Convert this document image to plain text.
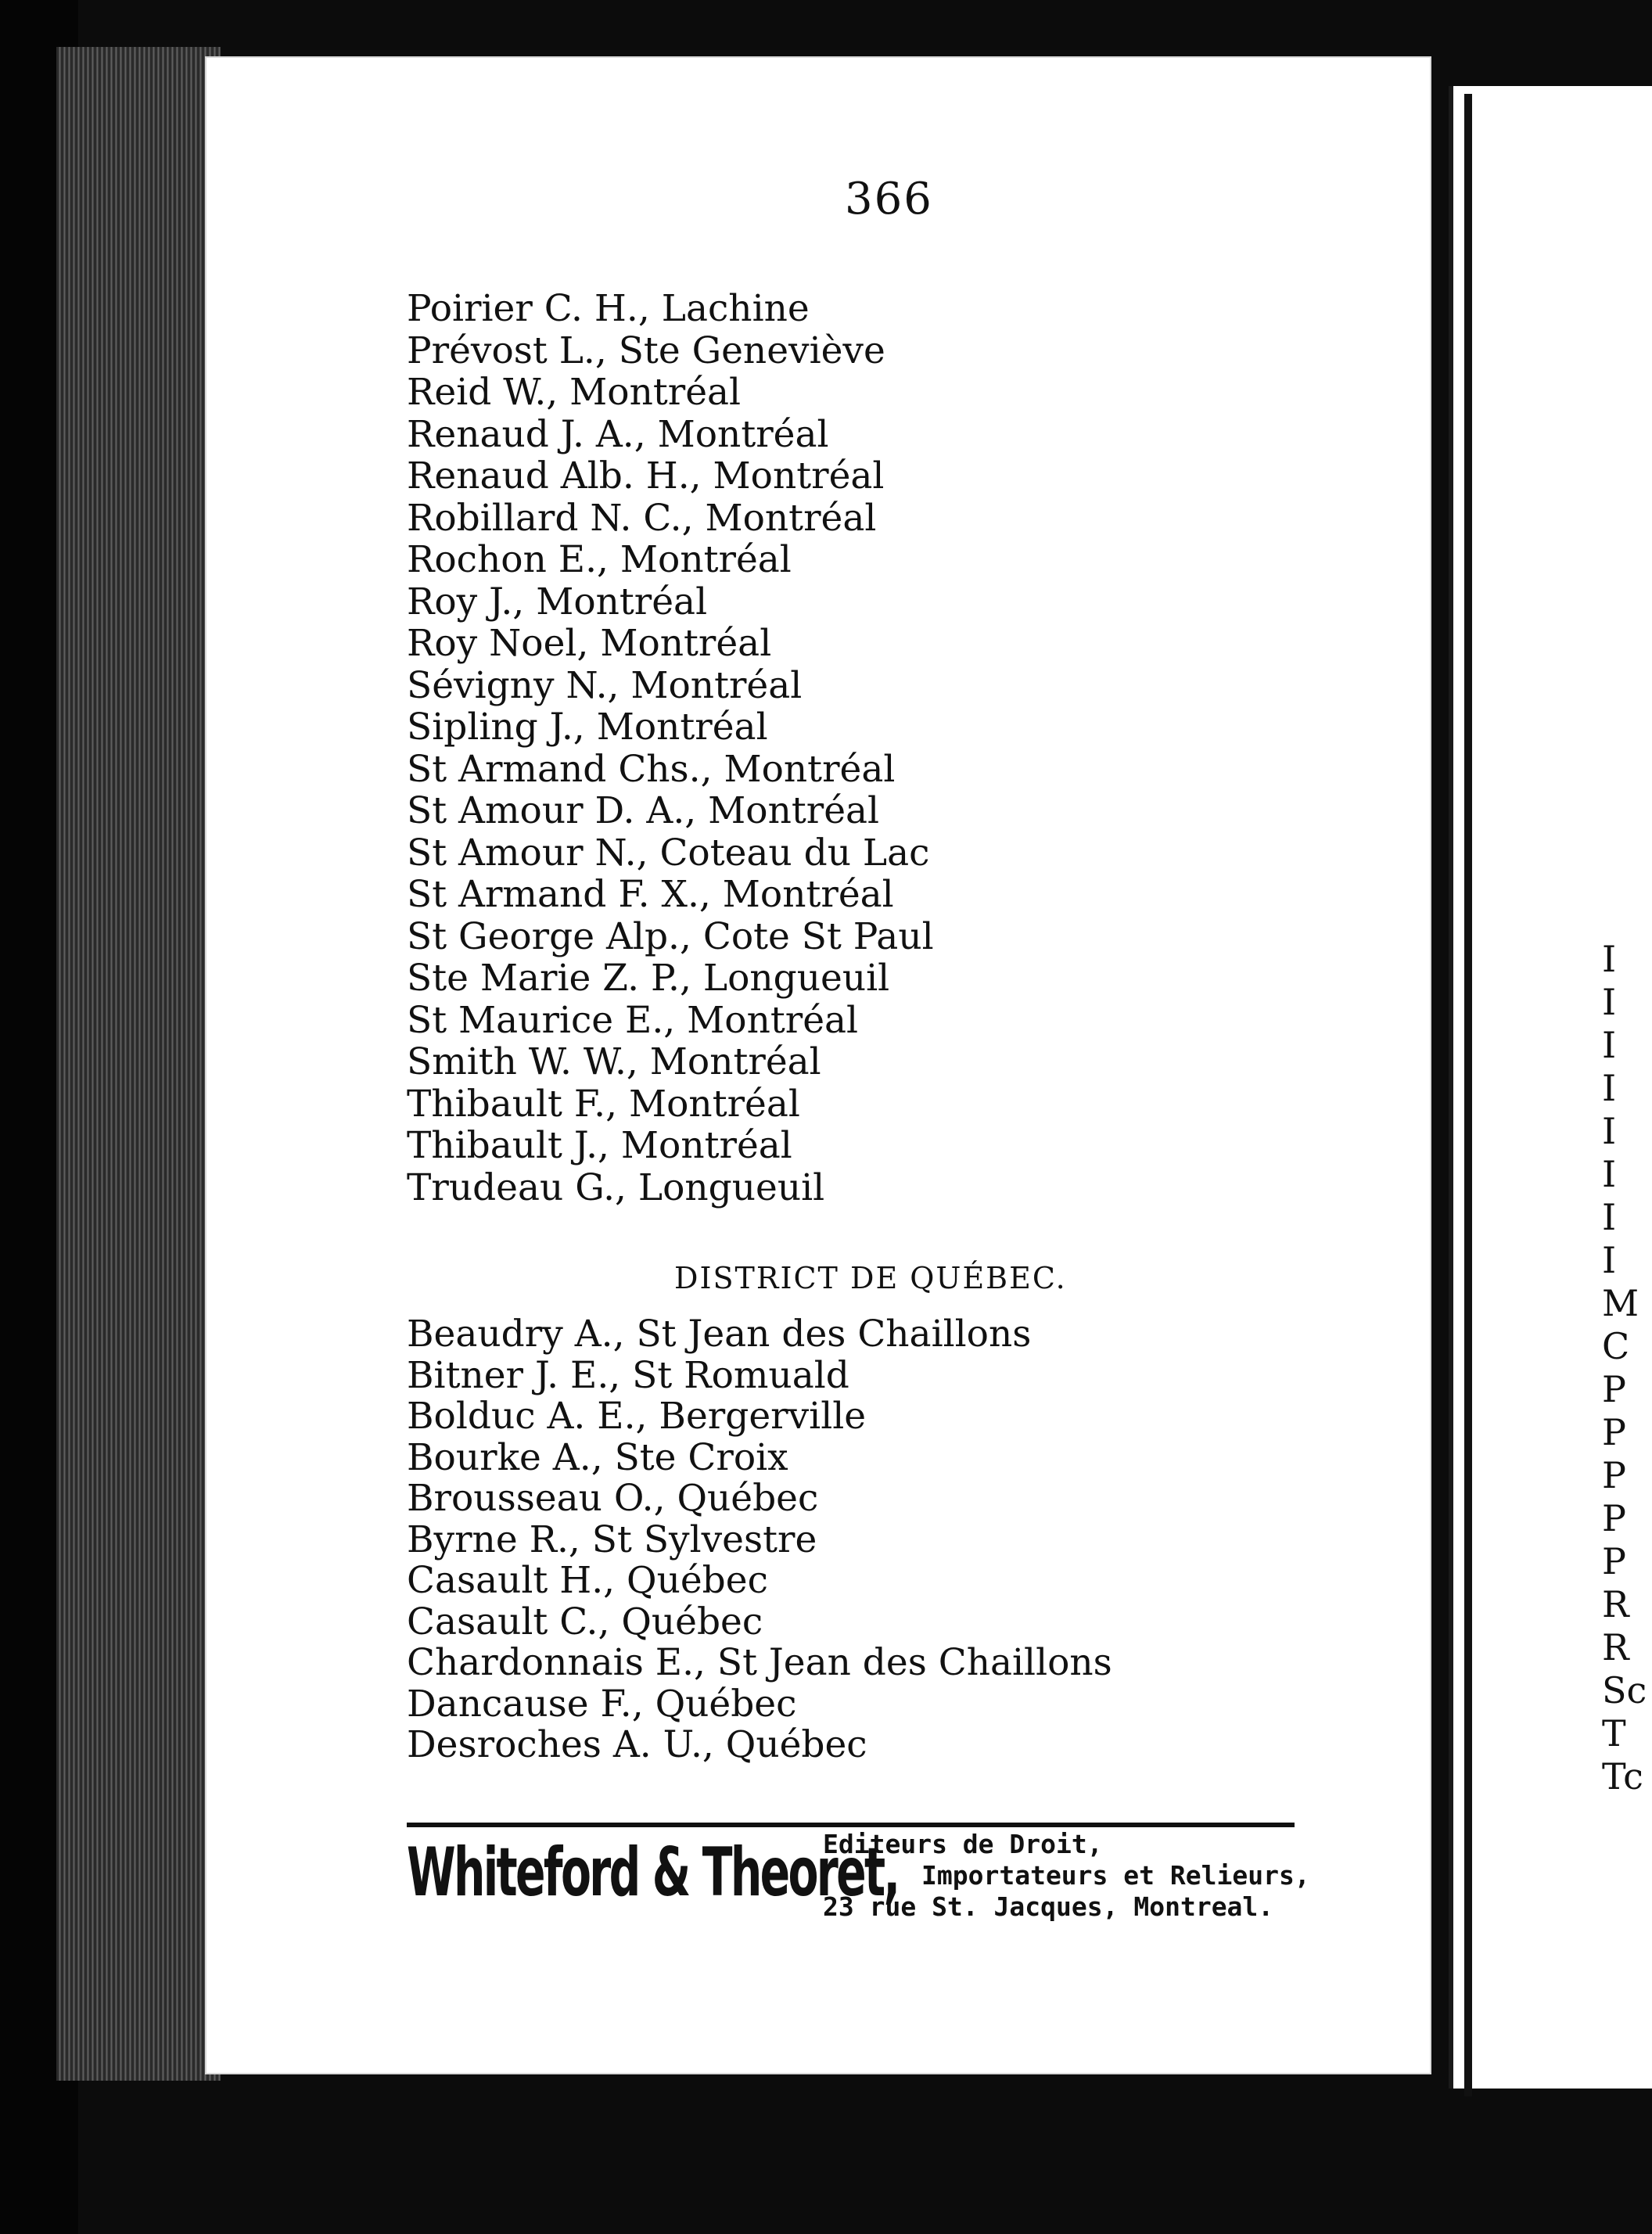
366
Poirier C. H., Lachine
Prévost L., Ste Geneviève
Reid W., Montréal
Renaud J. A., Montréal
Renaud Alb. H., Montréal
Robillard N. C., Montréal
Rochon E., Montréal
Roy J., Montréal
Roy Noel, Montréal
Sévigny N., Montréal
Sipling J., Montréal
St Armand Chs., Montréal
St Amour D. A., Montréal
St Amour N., Coteau du Lac
St Armand F. X., Montréal
St George Alp., Cote St Paul
Ste Marie Z. P., Longueuil
St Maurice E., Montréal
Smith W. W., Montréal
Thibault F., Montréal
Thibault J., Montréal
Trudeau G., Longueuil
DISTRICT DE QUÉBEC.
Beaudry A., St Jean des Chaillons
Bitner J. E., St Romuald
Bolduc A. E., Bergerville
Bourke A., Ste Croix
Brousseau O., Québec
Byrne R., St Sylvestre
Casault H., Québec
Casault C., Québec
Chardonnais E., St Jean des Chaillons
Dancause F., Québec
Desroches A. U., Québec
Whiteford & Theoret,
Editeurs de Droit,
Importateurs et Relieurs,
23 rue St. Jacques, Montreal.
I
I
I
I
I
I
I
I
M
C
P
P
P
P
P
R
R
Sc
T
Tc
